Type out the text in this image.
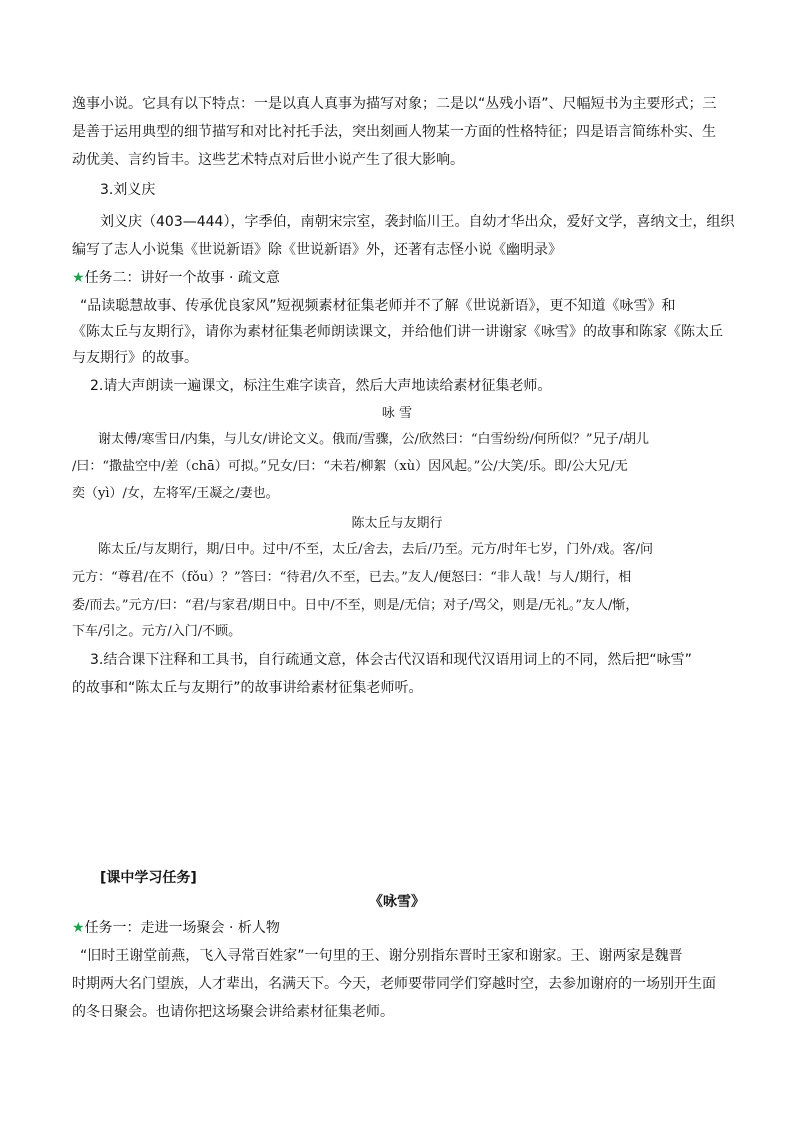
逸事小说。它具有以下特点：一是以真人真事为描写对象；二是以“丛残小语”、尺幅短书为主要形式；三
是善于运用典型的细节描写和对比衬托手法，突出刻画人物某一方面的性格特征；四是语言简练朴实、生
动优美、言约旨丰。这些艺术特点对后世小说产生了很大影响。
3.刘义庆
刘义庆（403—444），字季伯，南朝宋宗室，袭封临川王。自幼才华出众，爱好文学，喜纳文士，组织
编写了志人小说集《世说新语》除《世说新语》外，还著有志怪小说《幽明录》
★任务二：讲好一个故事 · 疏文意
“品读聪慧故事、传承优良家风”短视频素材征集老师并不了解《世说新语》，更不知道《咏雪》和
《陈太丘与友期行》，请你为素材征集老师朗读课文，并给他们讲一讲谢家《咏雪》的故事和陈家《陈太丘
与友期行》的故事。
2.请大声朗读一遍课文，标注生难字读音，然后大声地读给素材征集老师。
咏 雪
谢太傅/寒雪日/内集，与儿女/讲论文义。俄而/雪骤，公/欣然曰：“白雪纷纷/何所似？”兄子/胡儿
/曰：“撒盐空中/差（chā）可拟。”兄女/曰：“未若/柳絮（xù）因风起。”公/大笑/乐。即/公大兄/无
奕（yì）/女，左将军/王凝之/妻也。
陈太丘与友期行
陈太丘/与友期行，期/日中。过中/不至，太丘/舍去，去后/乃至。元方/时年七岁，门外/戏。客/问
元方：“尊君/在不（fǒu）？”答曰：“待君/久不至，已去。”友人/便怒曰：“非人哉！与人/期行，相
委/而去。”元方/曰：“君/与家君/期日中。日中/不至，则是/无信；对子/骂父，则是/无礼。”友人/惭，
下车/引之。元方/入门/不顾。
3.结合课下注释和工具书，自行疏通文意，体会古代汉语和现代汉语用词上的不同，然后把“咏雪”
的故事和“陈太丘与友期行”的故事讲给素材征集老师听。
[课中学习任务]
《咏雪》
★任务一：走进一场聚会 · 析人物
“旧时王谢堂前燕，飞入寻常百姓家”一句里的王、谢分别指东晋时王家和谢家。王、谢两家是魏晋
时期两大名门望族，人才辈出，名满天下。今天，老师要带同学们穿越时空，去参加谢府的一场别开生面
的冬日聚会。也请你把这场聚会讲给素材征集老师。
